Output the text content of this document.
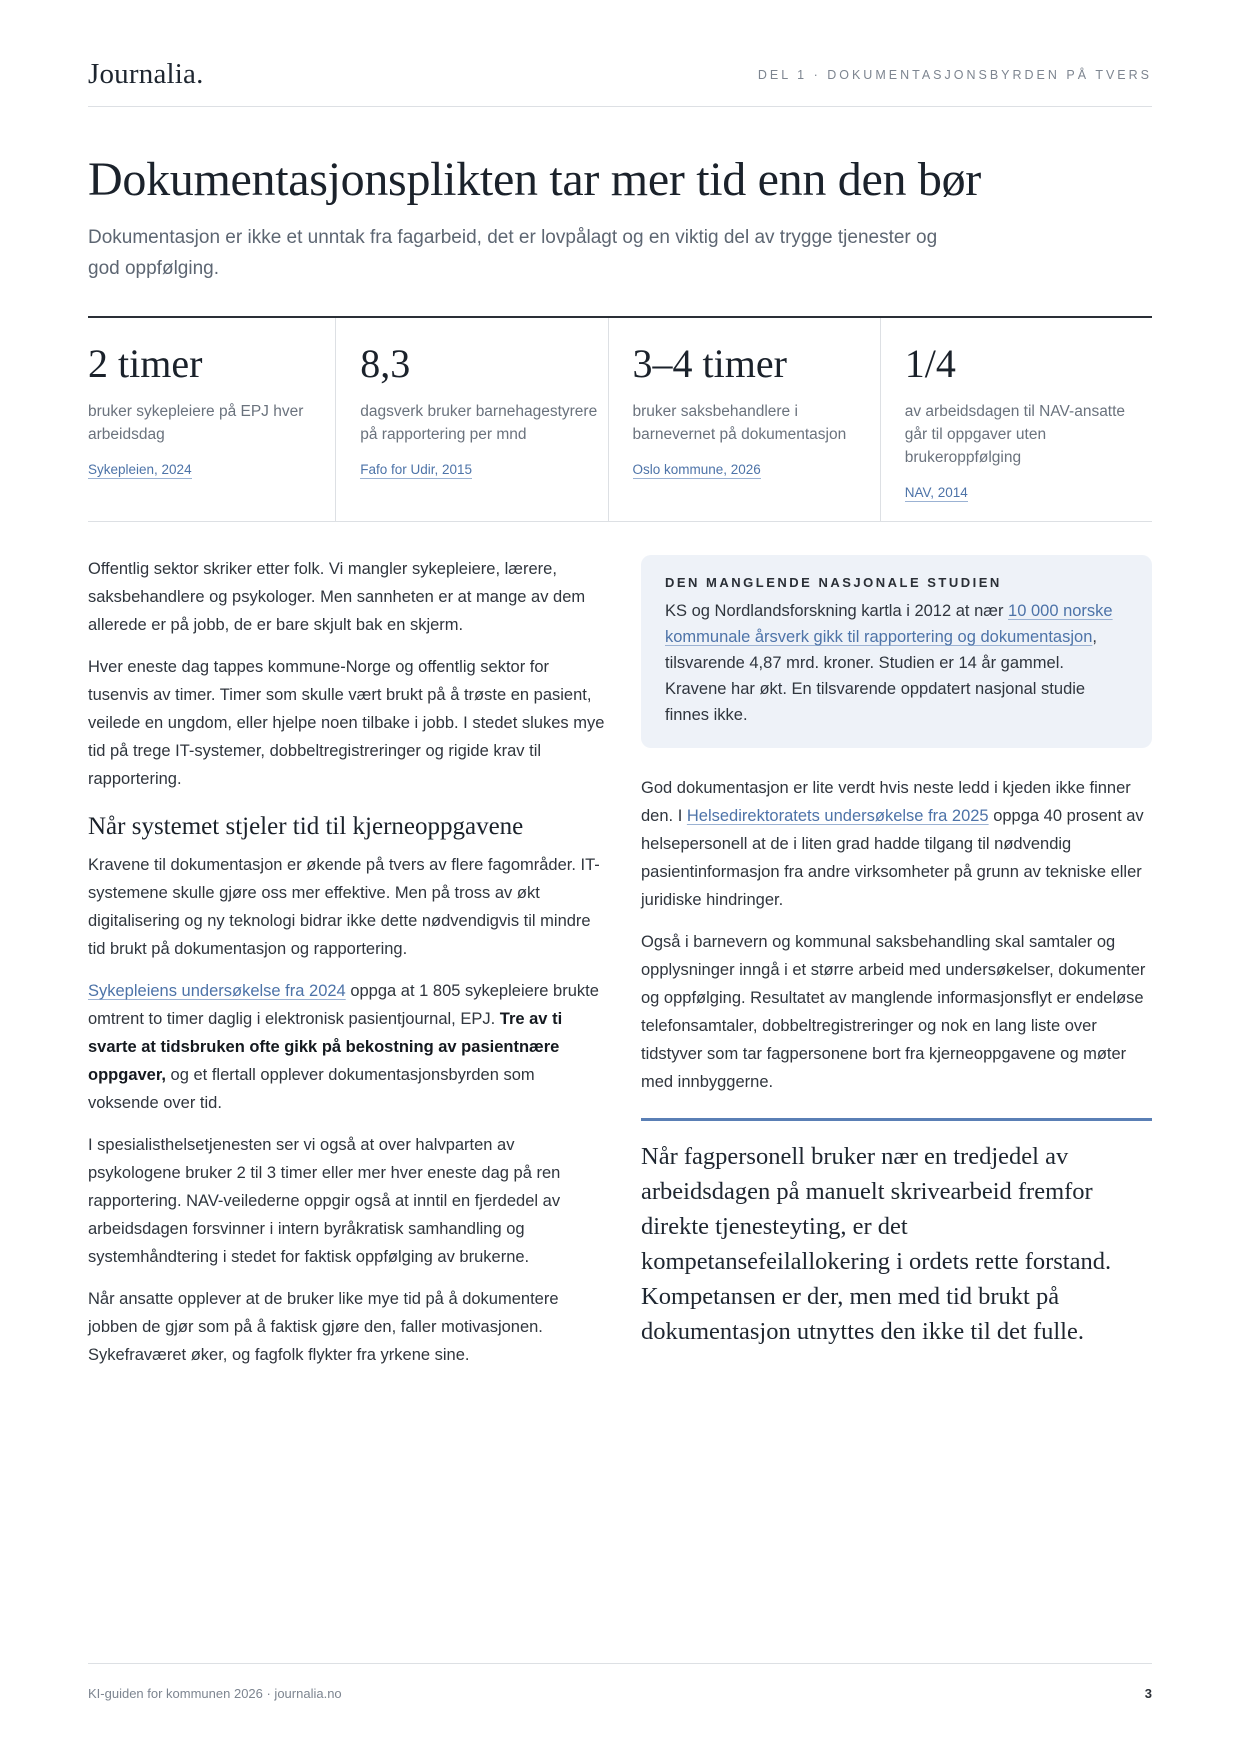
Journalia.	DEL 1 · DOKUMENTASJONSBYRDEN PÅ TVERS
Dokumentasjonsplikten tar mer tid enn den bør

Dokumentasjon er ikke et unntak fra fagarbeid, det er lovpålagt og en viktig del av trygge tjenester og god oppfølging.

2 timer
bruker sykepleiere på EPJ hver arbeidsdag
Sykepleien, 2024
8,3
dagsverk bruker barnehagestyrere på rapportering per mnd
Fafo for Udir, 2015
3–4 timer
bruker saksbehandlere i barnevernet på dokumentasjon
Oslo kommune, 2026
1/4
av arbeidsdagen til NAV-ansatte går til oppgaver uten brukeroppfølging
NAV, 2014

Offentlig sektor skriker etter folk. Vi mangler sykepleiere, lærere, saksbehandlere og psykologer. Men sannheten er at mange av dem allerede er på jobb, de er bare skjult bak en skjerm.

Hver eneste dag tappes kommune-Norge og offentlig sektor for tusenvis av timer. Timer som skulle vært brukt på å trøste en pasient, veilede en ungdom, eller hjelpe noen tilbake i jobb. I stedet slukes mye tid på trege IT-systemer, dobbeltregistreringer og rigide krav til rapportering.

Når systemet stjeler tid til kjerneoppgavene

Kravene til dokumentasjon er økende på tvers av flere fagområder. IT-systemene skulle gjøre oss mer effektive. Men på tross av økt digitalisering og ny teknologi bidrar ikke dette nødvendigvis til mindre tid brukt på dokumentasjon og rapportering.

Sykepleiens undersøkelse fra 2024 oppga at 1 805 sykepleiere brukte omtrent to timer daglig i elektronisk pasientjournal, EPJ. Tre av ti svarte at tidsbruken ofte gikk på bekostning av pasientnære oppgaver, og et flertall opplever dokumentasjonsbyrden som voksende over tid.

I spesialisthelsetjenesten ser vi også at over halvparten av psykologene bruker 2 til 3 timer eller mer hver eneste dag på ren rapportering. NAV-veilederne oppgir også at inntil en fjerdedel av arbeidsdagen forsvinner i intern byråkratisk samhandling og systemhåndtering i stedet for faktisk oppfølging av brukerne.

Når ansatte opplever at de bruker like mye tid på å dokumentere jobben de gjør som på å faktisk gjøre den, faller motivasjonen. Sykefraværet øker, og fagfolk flykter fra yrkene sine.

DEN MANGLENDE NASJONALE STUDIEN

KS og Nordlandsforskning kartla i 2012 at nær 10 000 norske kommunale årsverk gikk til rapportering og dokumentasjon, tilsvarende 4,87 mrd. kroner. Studien er 14 år gammel. Kravene har økt. En tilsvarende oppdatert nasjonal studie finnes ikke.

God dokumentasjon er lite verdt hvis neste ledd i kjeden ikke finner den. I Helsedirektoratets undersøkelse fra 2025 oppga 40 prosent av helsepersonell at de i liten grad hadde tilgang til nødvendig pasientinformasjon fra andre virksomheter på grunn av tekniske eller juridiske hindringer.

Også i barnevern og kommunal saksbehandling skal samtaler og opplysninger inngå i et større arbeid med undersøkelser, dokumenter og oppfølging. Resultatet av manglende informasjonsflyt er endeløse telefonsamtaler, dobbeltregistreringer og nok en lang liste over tidstyver som tar fagpersonene bort fra kjerneoppgavene og møter med innbyggerne.

Når fagpersonell bruker nær en tredjedel av arbeidsdagen på manuelt skrivearbeid fremfor direkte tjenesteyting, er det kompetansefeilallokering i ordets rette forstand. Kompetansen er der, men med tid brukt på dokumentasjon utnyttes den ikke til det fulle.
KI-guiden for kommunen 2026 · journalia.no	3
